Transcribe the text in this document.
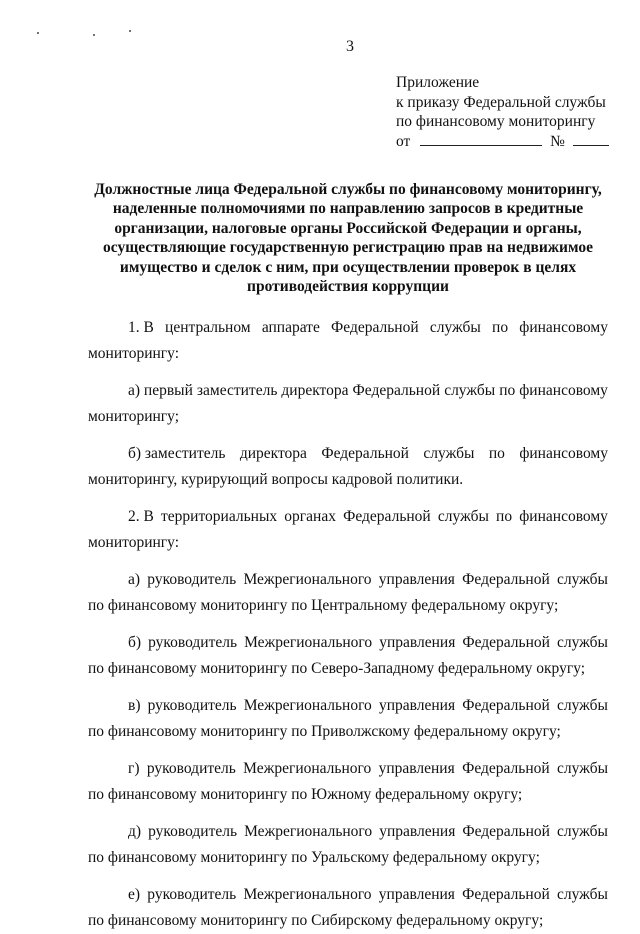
3
Приложение
к приказу Федеральной службы
по финансовому мониторингу
от	№
Должностные лица Федеральной службы по финансовому мониторингу,
наделенные полномочиями по направлению запросов в кредитные
организации, налоговые органы Российской Федерации и органы,
осуществляющие государственную регистрацию прав на недвижимое
имущество и сделок с ним, при осуществлении проверок в целях
противодействия коррупции
1. В центральном аппарате Федеральной службы по финансовому
мониторингу:
а) первый заместитель директора Федеральной службы по финансовому
мониторингу;
б) заместитель директора Федеральной службы по финансовому
мониторингу, курирующий вопросы кадровой политики.
2. В территориальных органах Федеральной службы по финансовому
мониторингу:
а) руководитель Межрегионального управления Федеральной службы
по финансовому мониторингу по Центральному федеральному округу;
б) руководитель Межрегионального управления Федеральной службы
по финансовому мониторингу по Северо-Западному федеральному округу;
в) руководитель Межрегионального управления Федеральной службы
по финансовому мониторингу по Приволжскому федеральному округу;
г) руководитель Межрегионального управления Федеральной службы
по финансовому мониторингу по Южному федеральному округу;
д) руководитель Межрегионального управления Федеральной службы
по финансовому мониторингу по Уральскому федеральному округу;
е) руководитель Межрегионального управления Федеральной службы
по финансовому мониторингу по Сибирскому федеральному округу;
